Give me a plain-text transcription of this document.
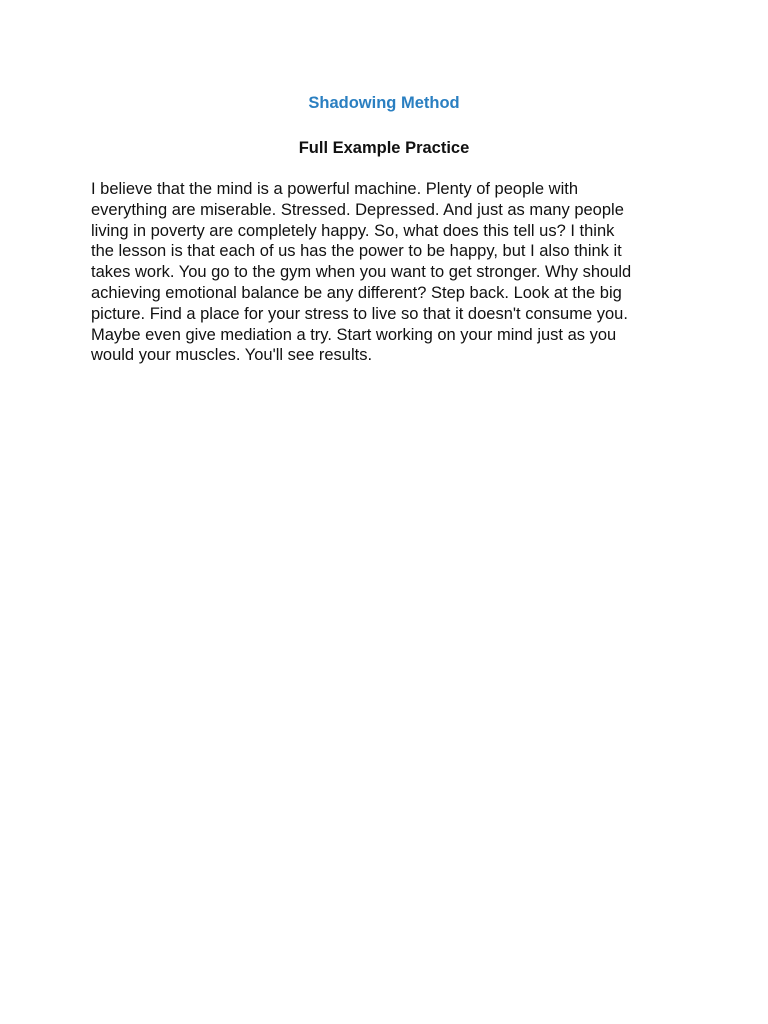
Shadowing Method
Full Example Practice
I believe that the mind is a powerful machine. Plenty of people with
everything are miserable. Stressed. Depressed. And just as many people
living in poverty are completely happy. So, what does this tell us? I think
the lesson is that each of us has the power to be happy, but I also think it
takes work. You go to the gym when you want to get stronger. Why should
achieving emotional balance be any different? Step back. Look at the big
picture. Find a place for your stress to live so that it doesn't consume you.
Maybe even give mediation a try. Start working on your mind just as you
would your muscles. You'll see results.
